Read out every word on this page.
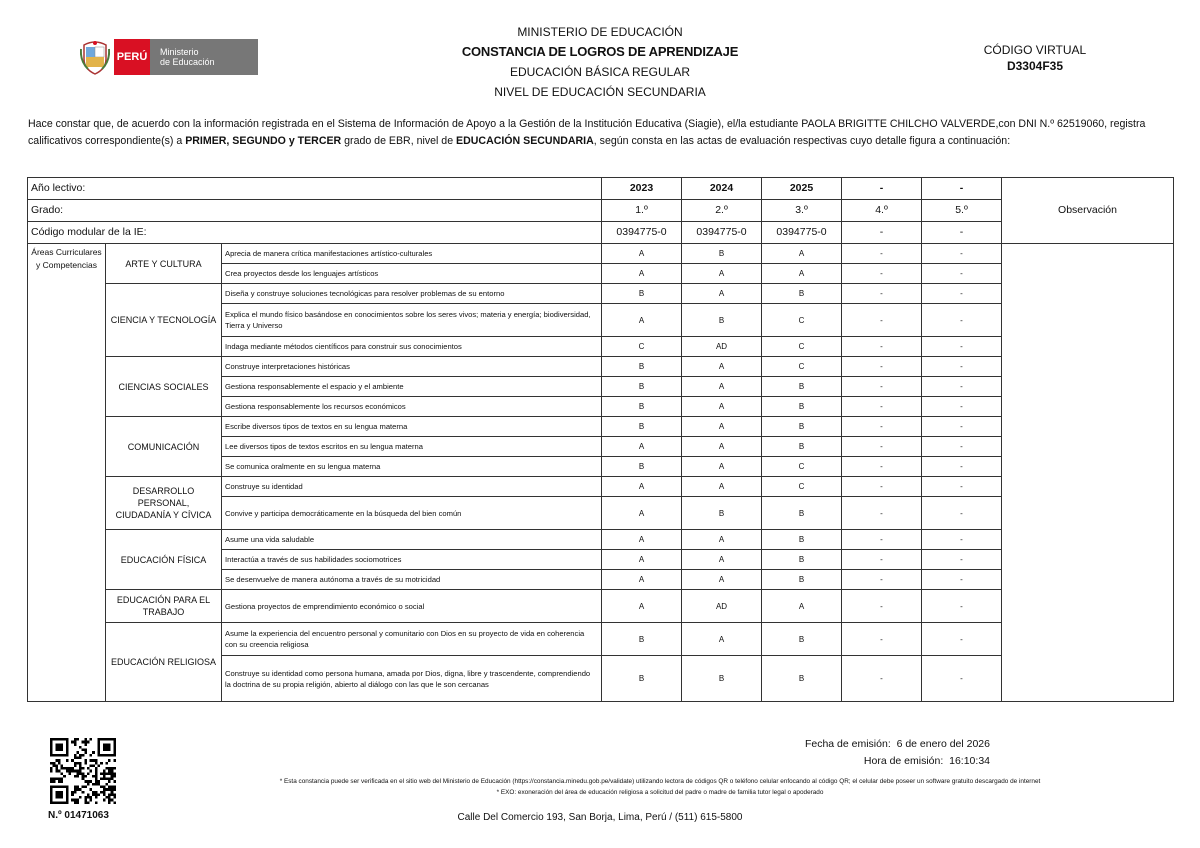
PERÚ	Ministerio
de Educación
MINISTERIO DE EDUCACIÓN
CONSTANCIA DE LOGROS DE APRENDIZAJE
EDUCACIÓN BÁSICA REGULAR
NIVEL DE EDUCACIÓN SECUNDARIA
CÓDIGO VIRTUAL
D3304F35
Hace constar que, de acuerdo con la información registrada en el Sistema de Información de Apoyo a la Gestión de la Institución Educativa (Siagie), el/la estudiante PAOLA BRIGITTE CHILCHO VALVERDE,con DNI N.º 62519060, registra calificativos correspondiente(s) a PRIMER, SEGUNDO y TERCER grado de EBR, nivel de EDUCACIÓN SECUNDARIA, según consta en las actas de evaluación respectivas cuyo detalle figura a continuación:
Año lectivo:			2023	2024	2025	-	-	Observación
Grado:			1.º	2.º	3.º	4.º	5.º	
Código modular de la IE:			0394775-0	0394775-0	0394775-0	-	-	
Áreas Curriculares y Competencias	ARTE Y CULTURA	Aprecia de manera crítica manifestaciones artístico-culturales	A	B	A	-	-	
		Crea proyectos desde los lenguajes artísticos	A	A	A	-	-	
	CIENCIA Y TECNOLOGÍA	Diseña y construye soluciones tecnológicas para resolver problemas de su entorno	B	A	B	-	-	
		Explica el mundo físico basándose en conocimientos sobre los seres vivos; materia y energía; biodiversidad, Tierra y Universo	A	B	C	-	-	
		Indaga mediante métodos científicos para construir sus conocimientos	C	AD	C	-	-	
	CIENCIAS SOCIALES	Construye interpretaciones históricas	B	A	C	-	-	
		Gestiona responsablemente el espacio y el ambiente	B	A	B	-	-	
		Gestiona responsablemente los recursos económicos	B	A	B	-	-	
	COMUNICACIÓN	Escribe diversos tipos de textos en su lengua materna	B	A	B	-	-	
		Lee diversos tipos de textos escritos en su lengua materna	A	A	B	-	-	
		Se comunica oralmente en su lengua materna	B	A	C	-	-	
	DESARROLLO PERSONAL, CIUDADANÍA Y CÍVICA	Construye su identidad	A	A	C	-	-	
		Convive y participa democráticamente en la búsqueda del bien común	A	B	B	-	-	
	EDUCACIÓN FÍSICA	Asume una vida saludable	A	A	B	-	-	
		Interactúa a través de sus habilidades sociomotrices	A	A	B	-	-	
		Se desenvuelve de manera autónoma a través de su motricidad	A	A	B	-	-	
	EDUCACIÓN PARA EL TRABAJO	Gestiona proyectos de emprendimiento económico o social	A	AD	A	-	-	
	EDUCACIÓN RELIGIOSA	Asume la experiencia del encuentro personal y comunitario con Dios en su proyecto de vida en coherencia con su creencia religiosa	B	A	B	-	-	
		Construye su identidad como persona humana, amada por Dios, digna, libre y trascendente, comprendiendo la doctrina de su propia religión, abierto al diálogo con las que le son cercanas	B	B	B	-	-	
N.º 01471063
Fecha de emisión: 6 de enero del 2026
Hora de emisión: 16:10:34
* Esta constancia puede ser verificada en el sitio web del Ministerio de Educación (https://constancia.minedu.gob.pe/validate) utilizando lectora de códigos QR o teléfono celular enfocando al código QR; el celular debe poseer un software gratuito descargado de internet
* EXO: exoneración del área de educación religiosa a solicitud del padre o madre de familia tutor legal o apoderado
Calle Del Comercio 193, San Borja, Lima, Perú / (511) 615-5800
